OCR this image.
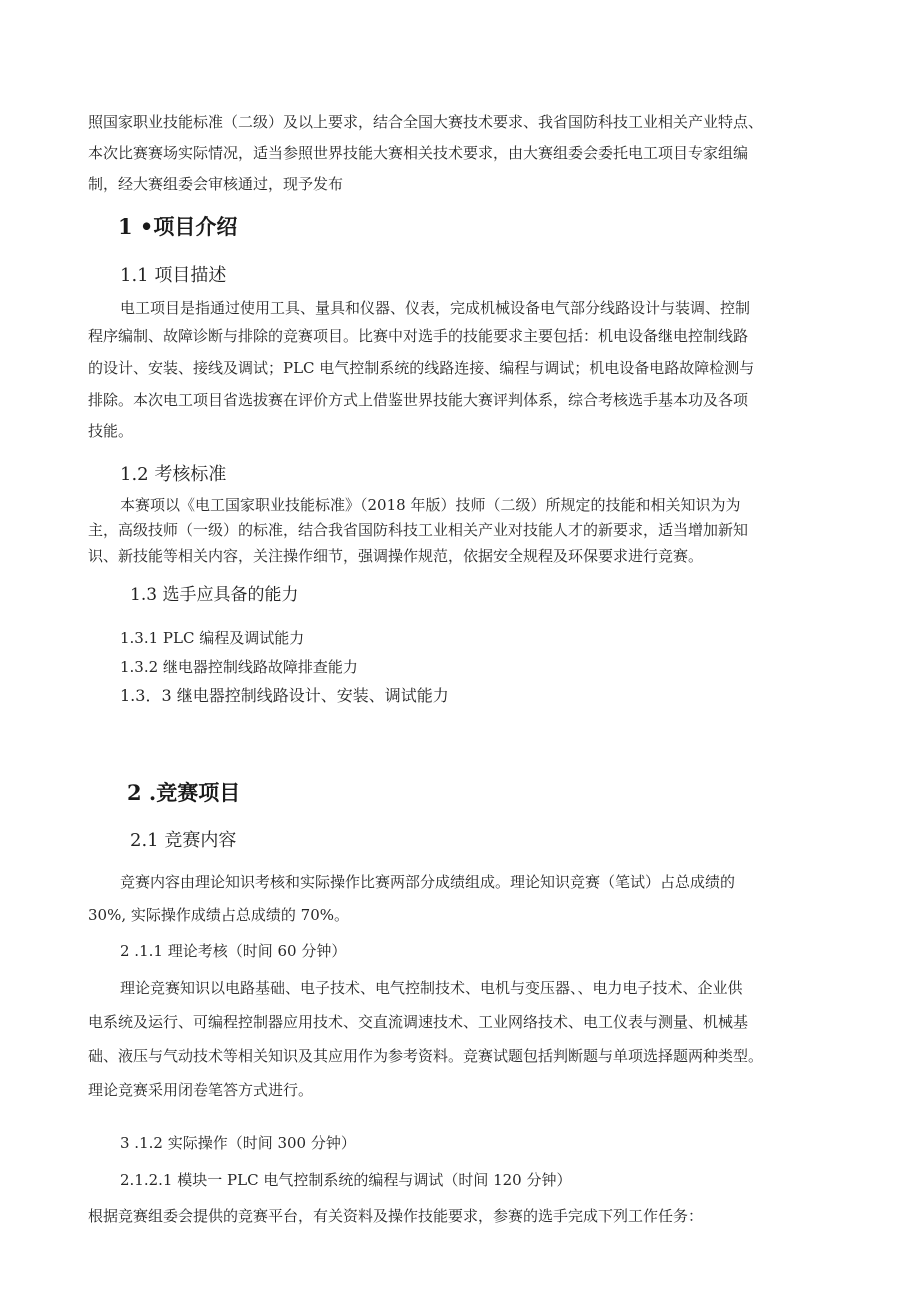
照国家职业技能标准（二级）及以上要求，结合全国大赛技术要求、我省国防科技工业相关产业特点、
本次比赛赛场实际情况，适当参照世界技能大赛相关技术要求，由大赛组委会委托电工项目专家组编
制，经大赛组委会审核通过，现予发布
1 •项目介绍
1.1 项目描述
电工项目是指通过使用工具、量具和仪器、仪表，完成机械设备电气部分线路设计与装调、控制
程序编制、故障诊断与排除的竞赛项目。比赛中对选手的技能要求主要包括：机电设备继电控制线路
的设计、安装、接线及调试；PLC 电气控制系统的线路连接、编程与调试；机电设备电路故障检测与
排除。本次电工项目省选拔赛在评价方式上借鉴世界技能大赛评判体系，综合考核选手基本功及各项
技能。
1.2 考核标准
本赛项以《电工国家职业技能标准》（2018 年版）技师（二级）所规定的技能和相关知识为为
主，高级技师（一级）的标准，结合我省国防科技工业相关产业对技能人才的新要求，适当增加新知
识、新技能等相关内容，关注操作细节，强调操作规范，依据安全规程及环保要求进行竞赛。
1.3 选手应具备的能力
1.3.1 PLC 编程及调试能力
1.3.2 继电器控制线路故障排查能力
1.3．3 继电器控制线路设计、安装、调试能力
2 .竞赛项目
2.1 竞赛内容
竞赛内容由理论知识考核和实际操作比赛两部分成绩组成。理论知识竞赛（笔试）占总成绩的
30%, 实际操作成绩占总成绩的 70%。
2 .1.1 理论考核（时间 60 分钟）
理论竞赛知识以电路基础、电子技术、电气控制技术、电机与变压器、、电力电子技术、企业供
电系统及运行、可编程控制器应用技术、交直流调速技术、工业网络技术、电工仪表与测量、机械基
础、液压与气动技术等相关知识及其应用作为参考资料。竞赛试题包括判断题与单项选择题两种类型。
理论竞赛采用闭卷笔答方式进行。
3 .1.2 实际操作（时间 300 分钟）
2.1.2.1 模块一 PLC 电气控制系统的编程与调试（时间 120 分钟）
根据竞赛组委会提供的竞赛平台，有关资料及操作技能要求，参赛的选手完成下列工作任务：
